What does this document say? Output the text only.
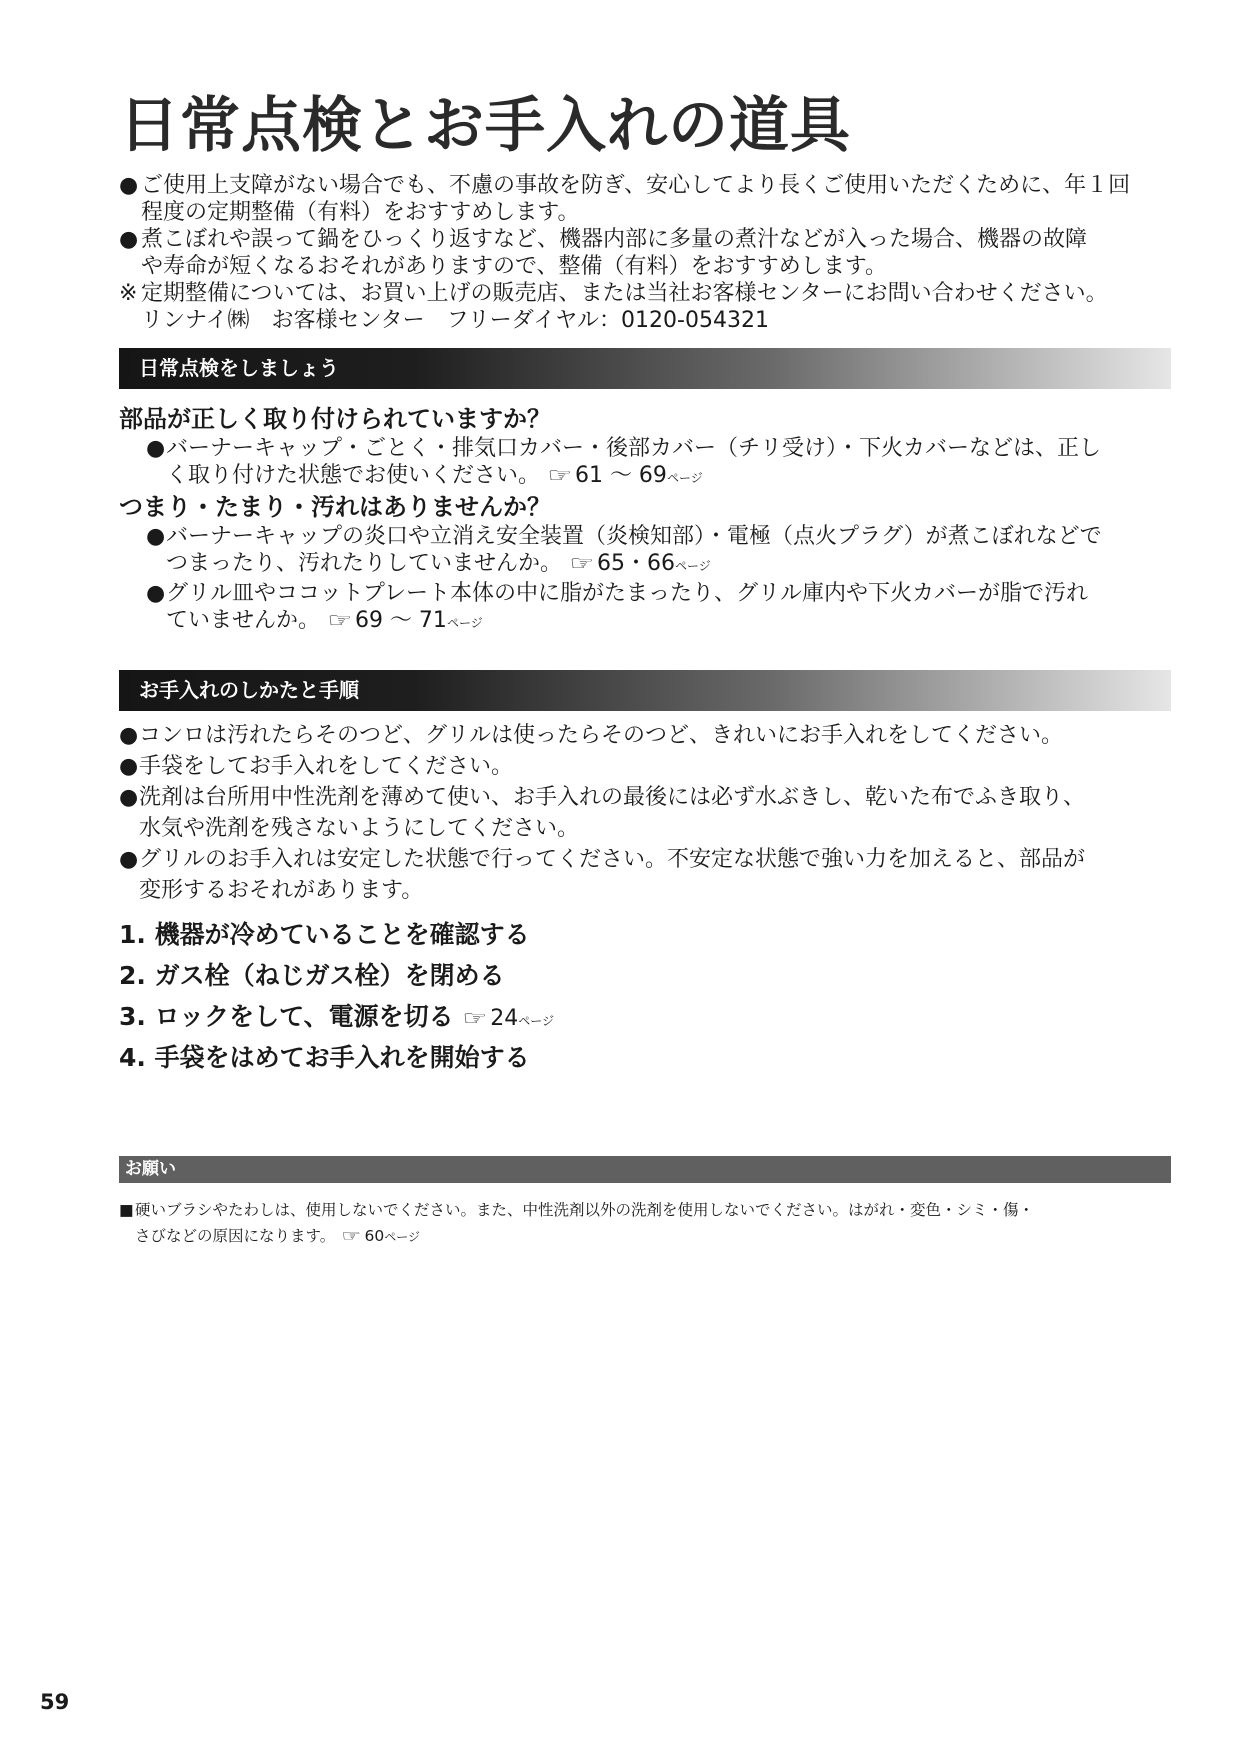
日常点検とお手入れの道具
● ご使用上支障がない場合でも、不慮の事故を防ぎ、安心してより長くご使用いただくために、年１回
程度の定期整備（有料）をおすすめします。
● 煮こぼれや誤って鍋をひっくり返すなど、機器内部に多量の煮汁などが入った場合、機器の故障
や寿命が短くなるおそれがありますので、整備（有料）をおすすめします。
※ 定期整備については、お買い上げの販売店、または当社お客様センターにお問い合わせください。
リンナイ㈱　お客様センター　フリーダイヤル：0120-054321
日常点検をしましょう
部品が正しく取り付けられていますか？
● バーナーキャップ・ごとく・排気口カバー・後部カバー（チリ受け）・下火カバーなどは、正し
く取り付けた状態でお使いください。 ☞ 61 ～ 69ページ
つまり・たまり・汚れはありませんか？
● バーナーキャップの炎口や立消え安全装置（炎検知部）・電極（点火プラグ）が煮こぼれなどで
つまったり、汚れたりしていませんか。 ☞ 65・66ページ
● グリル皿やココットプレート本体の中に脂がたまったり、グリル庫内や下火カバーが脂で汚れ
ていませんか。 ☞ 69 ～ 71ページ
お手入れのしかたと手順
● コンロは汚れたらそのつど、グリルは使ったらそのつど、きれいにお手入れをしてください。
● 手袋をしてお手入れをしてください。
● 洗剤は台所用中性洗剤を薄めて使い、お手入れの最後には必ず水ぶきし、乾いた布でふき取り、
水気や洗剤を残さないようにしてください。
● グリルのお手入れは安定した状態で行ってください。不安定な状態で強い力を加えると、部品が
変形するおそれがあります。
1. 機器が冷めていることを確認する
2. ガス栓（ねじガス栓）を閉める
3. ロックをして、電源を切る ☞ 24ページ
4. 手袋をはめてお手入れを開始する
お願い
■ 硬いブラシやたわしは、使用しないでください。また、中性洗剤以外の洗剤を使用しないでください。はがれ・変色・シミ・傷・
さびなどの原因になります。 ☞ 60ページ
59
